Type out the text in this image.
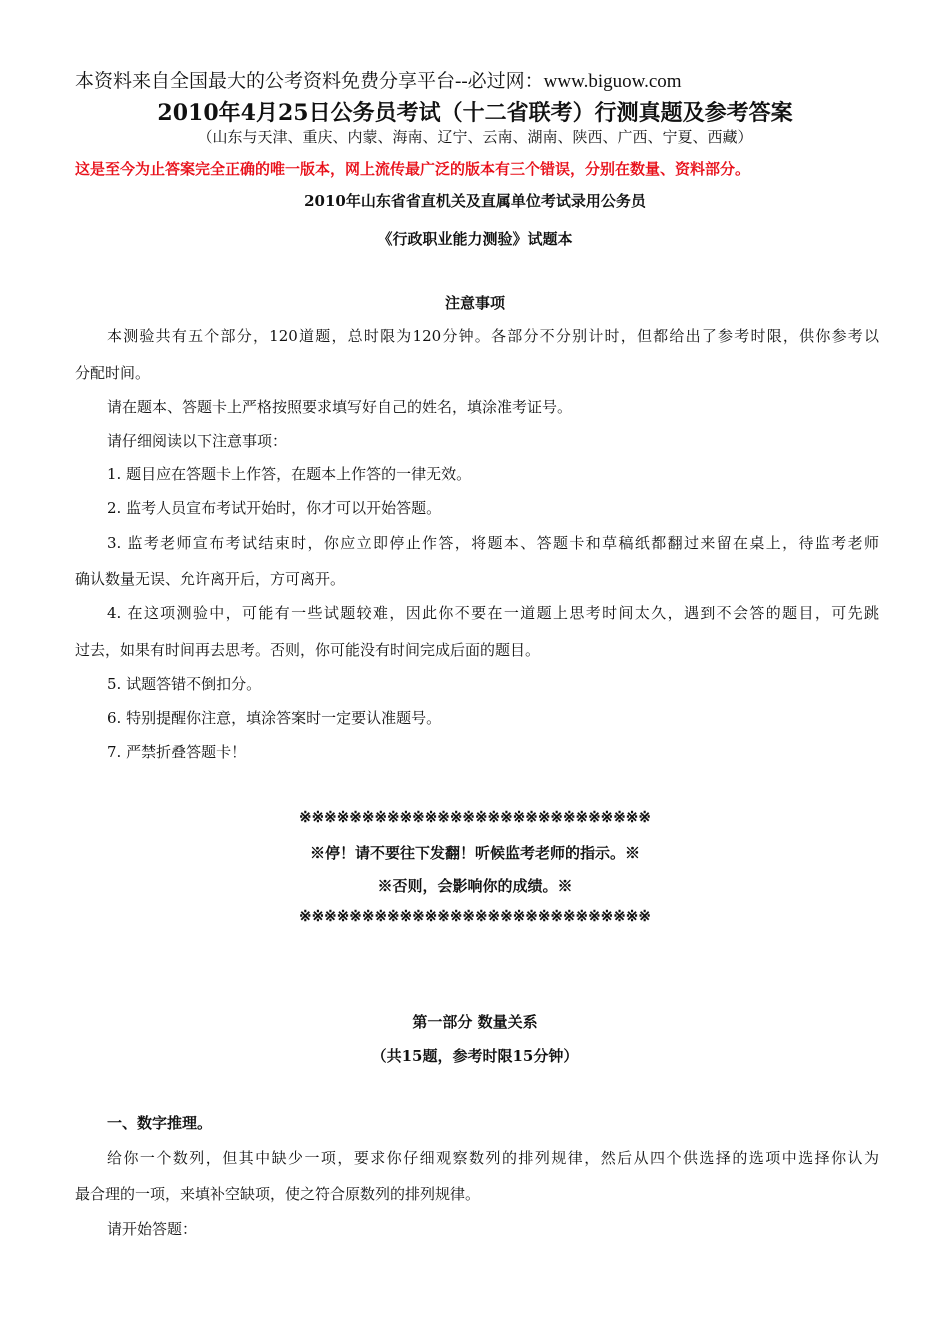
本资料来自全国最大的公考资料免费分享平台--必过网：www.biguow.com
2010年4月25日公务员考试（十二省联考）行测真题及参考答案
（山东与天津、重庆、内蒙、海南、辽宁、云南、湖南、陕西、广西、宁夏、西藏）
这是至今为止答案完全正确的唯一版本，网上流传最广泛的版本有三个错误，分别在数量、资料部分。
2010年山东省省直机关及直属单位考试录用公务员
《行政职业能力测验》试题本
注意事项
本测验共有五个部分，120道题，总时限为120分钟。各部分不分别计时，但都给出了参考时限，供你参考以
分配时间。
请在题本、答题卡上严格按照要求填写好自己的姓名，填涂准考证号。
请仔细阅读以下注意事项：
1. 题目应在答题卡上作答，在题本上作答的一律无效。
2. 监考人员宣布考试开始时，你才可以开始答题。
3. 监考老师宣布考试结束时，你应立即停止作答，将题本、答题卡和草稿纸都翻过来留在桌上，待监考老师
确认数量无误、允许离开后，方可离开。
4. 在这项测验中，可能有一些试题较难，因此你不要在一道题上思考时间太久，遇到不会答的题目，可先跳
过去，如果有时间再去思考。否则，你可能没有时间完成后面的题目。
5. 试题答错不倒扣分。
6. 特别提醒你注意，填涂答案时一定要认准题号。
7. 严禁折叠答题卡！
※※※※※※※※※※※※※※※※※※※※※※※※※※※※
※停！请不要往下发翻！听候监考老师的指示。※
※否则，会影响你的成绩。※
※※※※※※※※※※※※※※※※※※※※※※※※※※※※
第一部分 数量关系
（共15题，参考时限15分钟）
一、数字推理。
给你一个数列，但其中缺少一项，要求你仔细观察数列的排列规律，然后从四个供选择的选项中选择你认为
最合理的一项，来填补空缺项，使之符合原数列的排列规律。
请开始答题：
